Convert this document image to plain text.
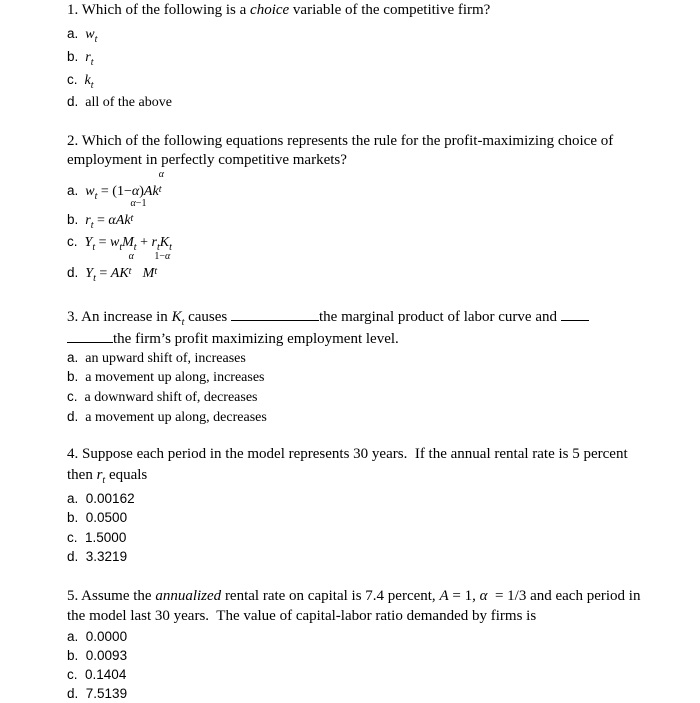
1. Which of the following is a choice variable of the competitive firm?
a. $w_t$
b. $r_t$
c. $k_t$
d. all of the above
2. Which of the following equations represents the rule for the profit-maximizing choice of
employment in perfectly competitive markets?
a. $w_t = (1-\alpha)Ak$
α
t
b. $r_t = \alpha Ak$
α−1
t
c. $Y_t = w_tM_t + r_tK_t$
d. $Y_t$ = AK
α
t M
1−α
t
3. An increase in $K_t$ causes	the marginal product of labor curve and
the firm’s profit maximizing employment level.
a. an upward shift of, increases
b. a movement up along, increases
c. a downward shift of, decreases
d. a movement up along, decreases
4. Suppose each period in the model represents 30 years.  If the annual rental rate is 5 percent
then $r_t$ equals
a. 0.00162
b. 0.0500
c. 1.5000
d. 3.3219
5. Assume the annualized rental rate on capital is 7.4 percent, A = 1, α  = 1/3 and each period in
the model last 30 years.  The value of capital-labor ratio demanded by firms is
a. 0.0000
b. 0.0093
c. 0.1404
d. 7.5139
